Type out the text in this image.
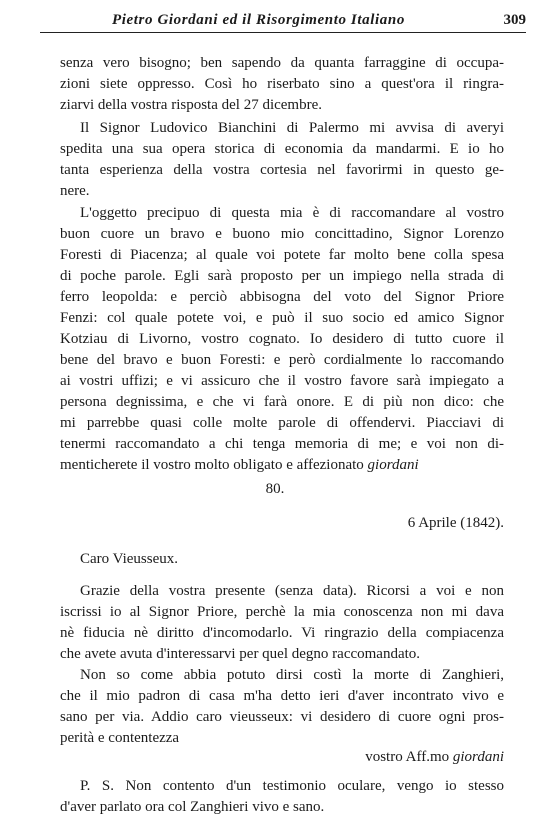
Pietro Giordani ed il Risorgimento Italiano	309
senza vero bisogno; ben sapendo da quanta farraggine di occupa-
zioni siete oppresso. Così ho riserbato sino a quest'ora il ringra-
ziarvi della vostra risposta del 27 dicembre.
Il Signor Ludovico Bianchini di Palermo mi avvisa di averyi
spedita una sua opera storica di economia da mandarmi. E io ho
tanta esperienza della vostra cortesia nel favorirmi in questo ge-
nere.
L'oggetto precipuo di questa mia è di raccomandare al vostro
buon cuore un bravo e buono mio concittadino, Signor Lorenzo
Foresti di Piacenza; al quale voi potete far molto bene colla spesa
di poche parole. Egli sarà proposto per un impiego nella strada di
ferro leopolda: e perciò abbisogna del voto del Signor Priore
Fenzi: col quale potete voi, e può il suo socio ed amico Signor
Kotziau di Livorno, vostro cognato. Io desidero di tutto cuore il
bene del bravo e buon Foresti: e però cordialmente lo raccomando
ai vostri uffizi; e vi assicuro che il vostro favore sarà impiegato a
persona degnissima, e che vi farà onore. E di più non dico: che
mi parrebbe quasi colle molte parole di offendervi. Piacciavi di
tenermi raccomandato a chi tenga memoria di me; e voi non di-
menticherete il vostro molto obligato e affezionato giordani
80.
6 Aprile (1842).
Caro Vieusseux.
Grazie della vostra presente (senza data). Ricorsi a voi e non
iscrissi io al Signor Priore, perchè la mia conoscenza non mi dava
nè fiducia nè diritto d'incomodarlo. Vi ringrazio della compiacenza
che avete avuta d'interessarvi per quel degno raccomandato.
Non so come abbia potuto dirsi costì la morte di Zanghieri,
che il mio padron di casa m'ha detto ieri d'aver incontrato vivo e
sano per via. Addio caro vieusseux: vi desidero di cuore ogni pros-
perità e contentezza
vostro Aff.mo giordani
P. S. Non contento d'un testimonio oculare, vengo io stesso
d'aver parlato ora col Zanghieri vivo e sano.
